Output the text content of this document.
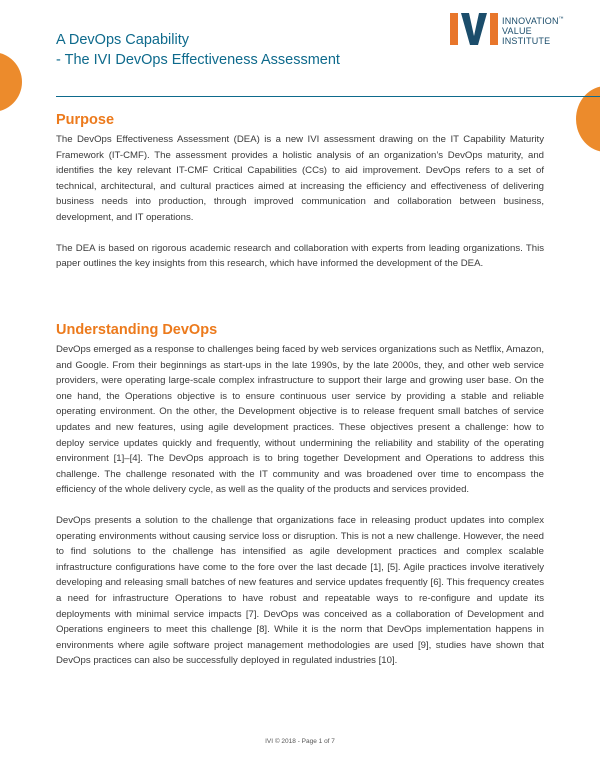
A DevOps Capability
- The IVI DevOps Effectiveness Assessment
INNOVATION™
VALUE
INSTITUTE
Purpose

The DevOps Effectiveness Assessment (DEA) is a new IVI assessment drawing on the IT Capability Maturity Framework (IT-CMF). The assessment provides a holistic analysis of an organization’s DevOps maturity, and identifies the key relevant IT-CMF Critical Capabilities (CCs) to aid improvement. DevOps refers to a set of technical, architectural, and cultural practices aimed at increasing the efficiency and effectiveness of delivering business needs into production, through improved communication and collaboration between business, development, and IT operations.

The DEA is based on rigorous academic research and collaboration with experts from leading organizations. This paper outlines the key insights from this research, which have informed the development of the DEA.

Understanding DevOps

DevOps emerged as a response to challenges being faced by web services organizations such as Netflix, Amazon, and Google. From their beginnings as start-ups in the late 1990s, by the late 2000s, they, and other web service providers, were operating large-scale complex infrastructure to support their large and growing user base. On the one hand, the Operations objective is to ensure continuous user service by providing a stable and reliable operating environment. On the other, the Development objective is to release frequent small batches of service updates and new features, using agile development practices. These objectives present a challenge: how to deploy service updates quickly and frequently, without undermining the reliability and stability of the operating environment [1]–[4]. The DevOps approach is to bring together Development and Operations to address this challenge. The challenge resonated with the IT community and was broadened over time to encompass the efficiency of the whole delivery cycle, as well as the quality of the products and services provided.

DevOps presents a solution to the challenge that organizations face in releasing product updates into complex operating environments without causing service loss or disruption. This is not a new challenge. However, the need to find solutions to the challenge has intensified as agile development practices and complex scalable infrastructure configurations have come to the fore over the last decade [1], [5]. Agile practices involve iteratively developing and releasing small batches of new features and service updates frequently [6]. This frequency creates a need for infrastructure Operations to have robust and repeatable ways to re-configure and update its deployments with minimal service impacts [7]. DevOps was conceived as a collaboration of Development and Operations engineers to meet this challenge [8]. While it is the norm that DevOps implementation happens in environments where agile software project management methodologies are used [9], studies have shown that DevOps practices can also be successfully deployed in regulated industries [10].

IVI © 2018 - Page 1 of 7
